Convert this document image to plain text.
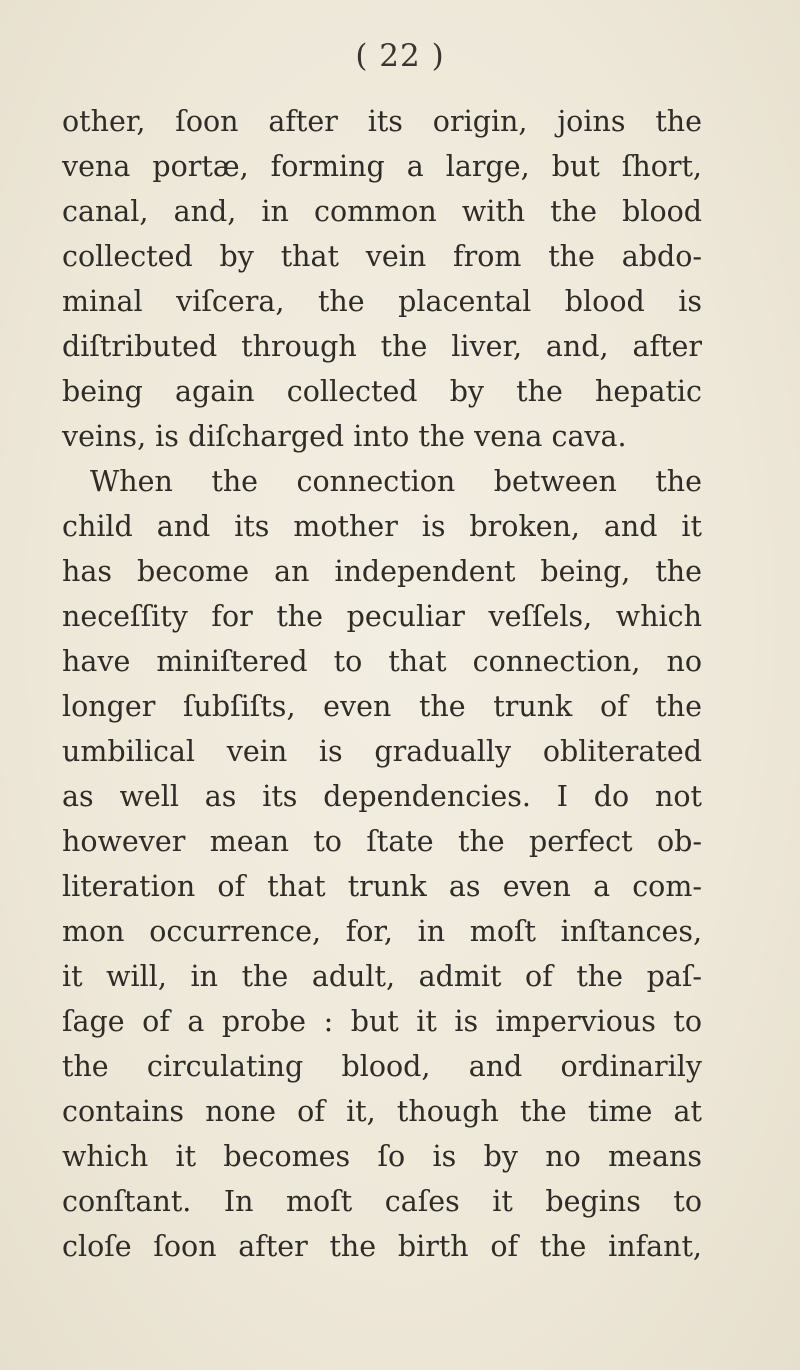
( 22 )
other, ſoon after its origin, joins the
vena portæ, forming a large, but ſhort,
canal, and, in common with the blood
collected by that vein from the abdo-
minal viſcera, the placental blood is
diſtributed through the liver, and, after
being again collected by the hepatic
veins, is diſcharged into the vena cava.
When the connection between the
child and its mother is broken, and it
has become an independent being, the
neceſſity for the peculiar veſſels, which
have miniſtered to that connection, no
longer ſubſiſts, even the trunk of the
umbilical vein is gradually obliterated
as well as its dependencies. I do not
however mean to ſtate the perfect ob-
literation of that trunk as even a com-
mon occurrence, for, in moſt inſtances,
it will, in the adult, admit of the paſ-
ſage of a probe : but it is impervious to
the circulating blood, and ordinarily
contains none of it, though the time at
which it becomes ſo is by no means
conſtant. In moſt caſes it begins to
cloſe ſoon after the birth of the infant,
